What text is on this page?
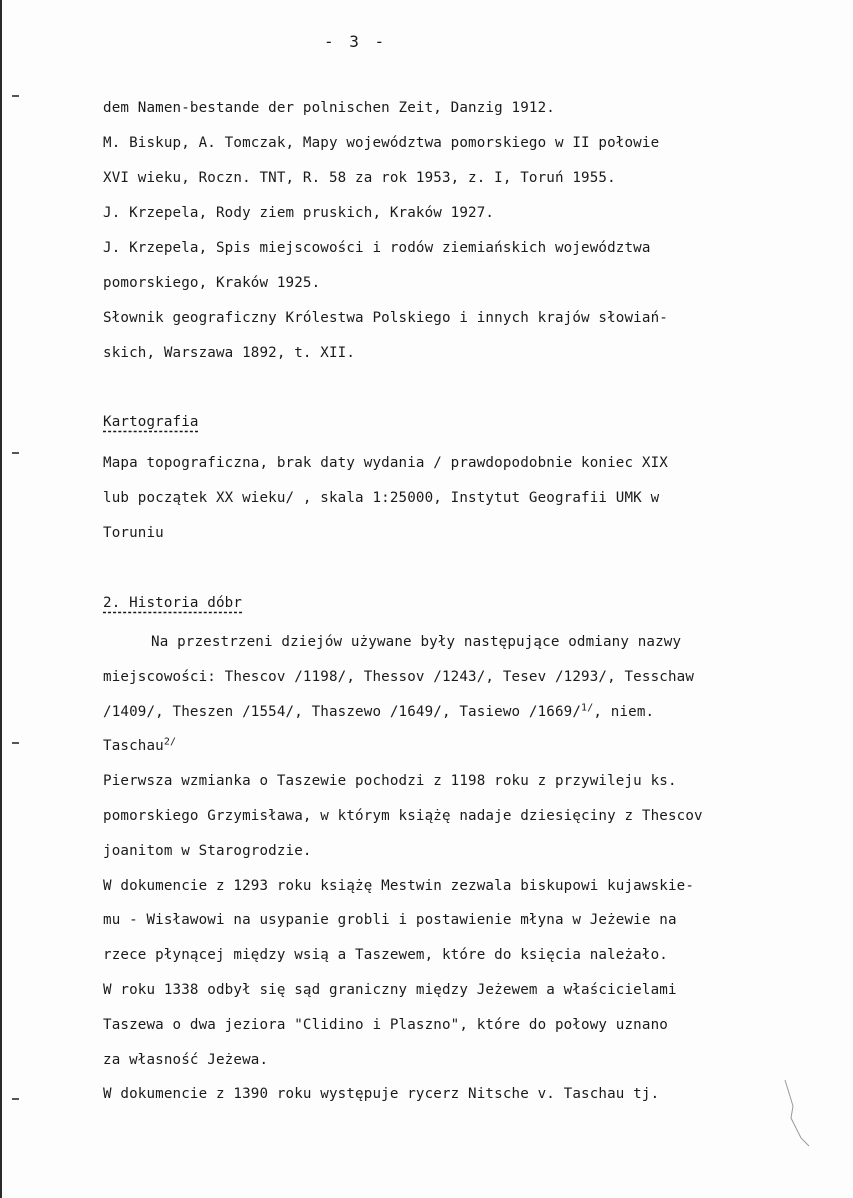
- 3 -
dem Namen-bestande der polnischen Zeit, Danzig 1912.
M. Biskup, A. Tomczak, Mapy województwa pomorskiego w II połowie
XVI wieku, Roczn. TNT, R. 58 za rok 1953, z. I, Toruń 1955.
J. Krzepela, Rody ziem pruskich, Kraków 1927.
J. Krzepela, Spis miejscowości i rodów ziemiańskich województwa
pomorskiego, Kraków 1925.
Słownik geograficzny Królestwa Polskiego i innych krajów słowiań-
skich, Warszawa 1892, t. XII.
Kartografia
Mapa topograficzna, brak daty wydania / prawdopodobnie koniec XIX
lub początek XX wieku/ , skala 1:25000, Instytut Geografii UMK w
Toruniu
2. Historia dóbr
Na przestrzeni dziejów używane były następujące odmiany nazwy
miejscowości: Thescov /1198/, Thessov /1243/, Tesev /1293/, Tesschaw
/1409/, Theszen /1554/, Thaszewo /1649/, Tasiewo /1669/$^{1/}$, niem.
Taschau$^{2/}$
Pierwsza wzmianka o Taszewie pochodzi z 1198 roku z przywileju ks.
pomorskiego Grzymisława, w którym książę nadaje dziesięciny z Thescov
joanitom w Starogrodzie.
W dokumencie z 1293 roku książę Mestwin zezwala biskupowi kujawskie-
mu - Wisławowi na usypanie grobli i postawienie młyna w Jeżewie na
rzece płynącej między wsią a Taszewem, które do księcia należało.
W roku 1338 odbył się sąd graniczny między Jeżewem a właścicielami
Taszewa o dwa jeziora "Clidino i Plaszno", które do połowy uznano
za własność Jeżewa.
W dokumencie z 1390 roku występuje rycerz Nitsche v. Taschau tj.
